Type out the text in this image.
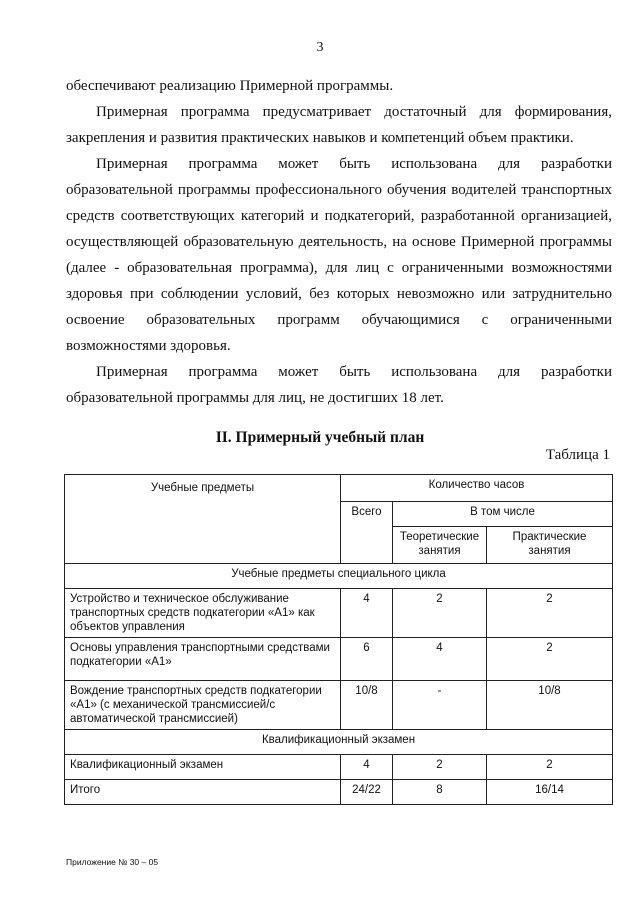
3

обеспечивают реализацию Примерной программы.

Примерная программа предусматривает достаточный для формирования, закрепления и развития практических навыков и компетенций объем практики.

Примерная программа может быть использована для разработки образовательной программы профессионального обучения водителей транспортных средств соответствующих категорий и подкатегорий, разработанной организацией, осуществляющей образовательную деятельность, на основе Примерной программы (далее - образовательная программа), для лиц с ограниченными возможностями здоровья при соблюдении условий, без которых невозможно или затруднительно освоение образовательных программ обучающимися с ограниченными возможностями здоровья.

Примерная программа может быть использована для разработки образовательной программы для лиц, не достигших 18 лет.

II. Примерный учебный план
Таблица 1
Учебные предметы	Количество часов		
	Всего	В том числе	
		Теоретические занятия	Практические занятия
Учебные предметы специального цикла			
Устройство и техническое обслуживание транспортных средств подкатегории «А1» как объектов управления	4	2	2
Основы управления транспортными средствами подкатегории «А1»	6	4	2
Вождение транспортных средств подкатегории «А1» (с механической трансмиссией/с автоматической трансмиссией)	10/8	-	10/8
Квалификационный экзамен			
Квалификационный экзамен	4	2	2
Итого	24/22	8	16/14
Приложение № 30 – 05
